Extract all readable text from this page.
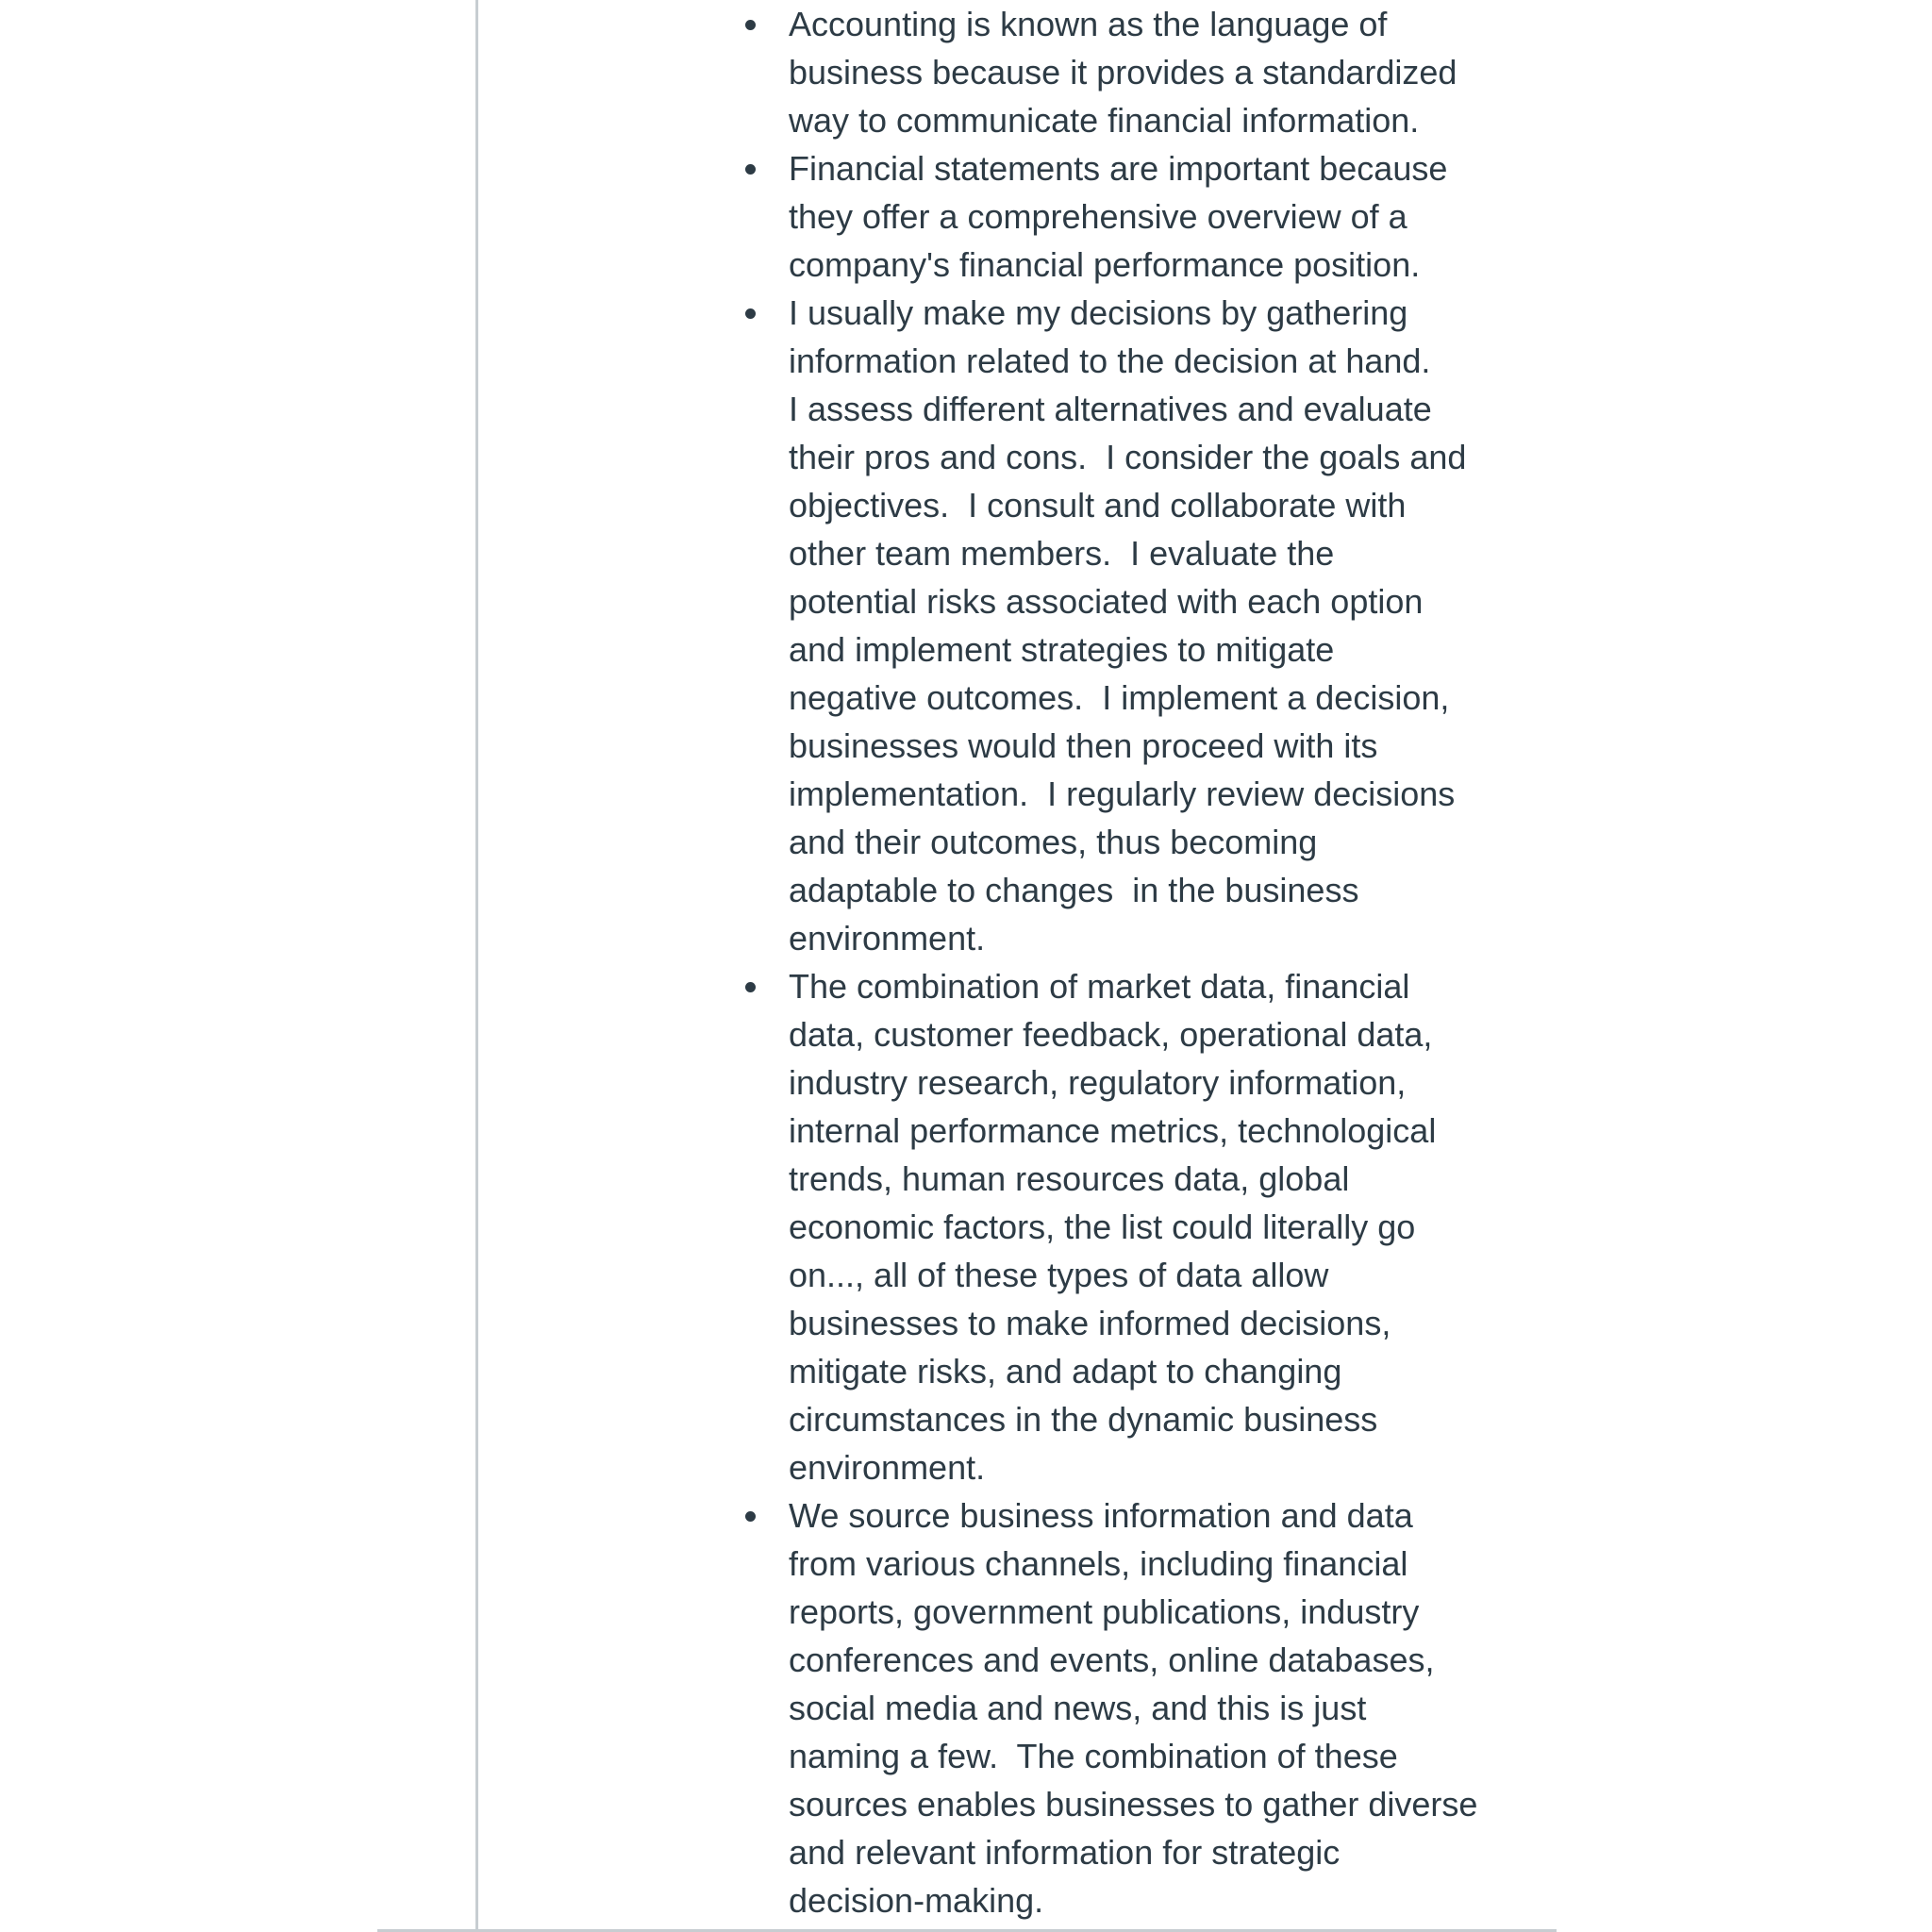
Accounting is known as the language of
business because it provides a standardized
way to communicate financial information.
Financial statements are important because
they offer a comprehensive overview of a
company's financial performance position.
I usually make my decisions by gathering
information related to the decision at hand.
I assess different alternatives and evaluate
their pros and cons.  I consider the goals and
objectives.  I consult and collaborate with
other team members.  I evaluate the
potential risks associated with each option
and implement strategies to mitigate
negative outcomes.  I implement a decision,
businesses would then proceed with its
implementation.  I regularly review decisions
and their outcomes, thus becoming
adaptable to changes  in the business
environment.
The combination of market data, financial
data, customer feedback, operational data,
industry research, regulatory information,
internal performance metrics, technological
trends, human resources data, global
economic factors, the list could literally go
on..., all of these types of data allow
businesses to make informed decisions,
mitigate risks, and adapt to changing
circumstances in the dynamic business
environment.
We source business information and data
from various channels, including financial
reports, government publications, industry
conferences and events, online databases,
social media and news, and this is just
naming a few.  The combination of these
sources enables businesses to gather diverse
and relevant information for strategic
decision-making.
